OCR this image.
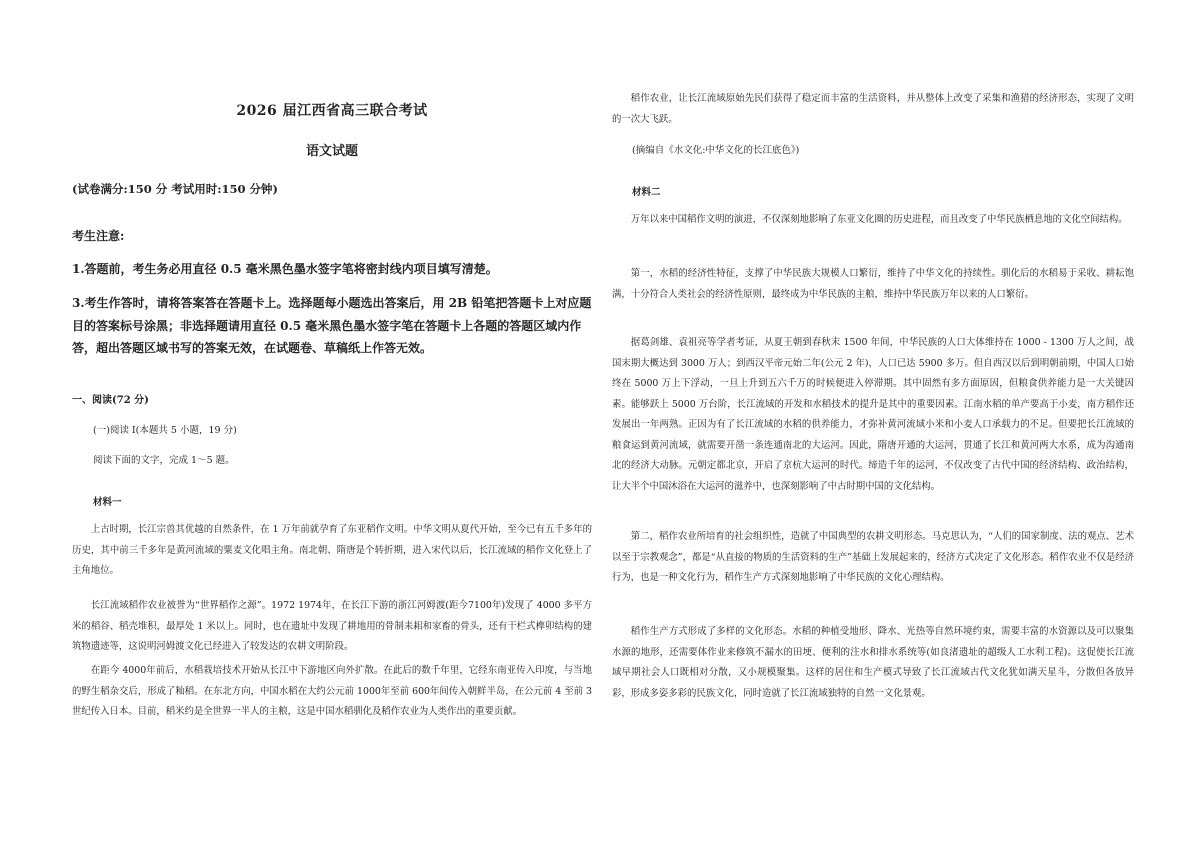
2026 届江西省高三联合考试
语文试题
(试卷满分:150 分 考试用时:150 分钟)
考生注意:
1.答题前，考生务必用直径 0.5 毫米黑色墨水签字笔将密封线内项目填写清楚。
3.考生作答时，请将答案答在答题卡上。选择题每小题选出答案后，用 2B 铅笔把答题卡上对应题目的答案标号涂黑；非选择题请用直径 0.5 毫米黑色墨水签字笔在答题卡上各题的答题区域内作答，超出答题区域书写的答案无效，在试题卷、草稿纸上作答无效。
一、阅读(72 分)
(一)阅读 I(本题共 5 小题，19 分)
阅读下面的文字，完成 1～5 题。
材料一

上古时期，长江宗兽其优越的自然条件，在 1 万年前就孕育了东亚稻作文明。中华文明从夏代开始，至今已有五千多年的历史，其中前三千多年是黄河流域的粟麦文化唱主角。南北朝、隋唐是个转折期，进入宋代以后，长江流域的稻作文化登上了主角地位。

长江流域稻作农业被誉为“世界稻作之源”。1972 1974年，在长江下游的浙江河姆渡(距今7100年)发现了 4000 多平方米的稻谷、稻壳堆积，最厚处 1 米以上。同时，也在遗址中发现了耕地用的骨制耒耜和家畜的骨头，还有干栏式榫卯结构的建筑物遗迹等，这说明河姆渡文化已经进入了较发达的农耕文明阶段。

在距今 4000年前后，水稻栽培技术开始从长江中下游地区向外扩散。在此后的数千年里，它经东南亚传入印度，与当地的野生稻杂交后，形成了籼稻。在东北方向，中国水稻在大约公元前 1000年至前 600年间传入朝鲜半岛，在公元前 4 至前 3 世纪传入日本。目前，稻米约是全世界一半人的主粮，这是中国水稻驯化及稻作农业为人类作出的重要贡献。

稻作农业，让长江流域原始先民们获得了稳定而丰富的生活资料，并从整体上改变了采集和渔猎的经济形态，实现了文明的一次大飞跃。

(摘编自《水文化:中华文化的长江底色》)
材料二

万年以来中国稻作文明的演进，不仅深刻地影响了东亚文化圈的历史进程，而且改变了中华民族栖息地的文化空间结构。

第一，水稻的经济性特征，支撑了中华民族大规模人口繁衍，维持了中华文化的持续性。驯化后的水稻易于采收、耕耘饱满，十分符合人类社会的经济性原则，最终成为中华民族的主粮，维持中华民族万年以来的人口繁衍。

据葛剑雄、袁祖亮等学者考证，从夏王朝到春秋末 1500 年间，中华民族的人口大体维持在 1000 - 1300 万人之间，战国末期大概达到 3000 万人；到西汉平帝元始二年(公元 2 年)，人口已达 5900 多万。但自西汉以后到明朝前期，中国人口始终在 5000 万上下浮动，一旦上升到五六千万的时候便进入停滞期。其中固然有多方面原因，但粮食供养能力是一大关键因素。能够跃上 5000 万台阶，长江流域的开发和水稻技术的提升是其中的重要因素。江南水稻的单产要高于小麦，南方稻作还发展出一年两熟。正因为有了长江流域的水稻的供养能力，才弥补黄河流域小米和小麦人口承载力的不足。但要把长江流域的粮食运到黄河流域，就需要开凿一条连通南北的大运河。因此，隋唐开通的大运河，贯通了长江和黄河两大水系，成为沟通南北的经济大动脉。元朝定都北京，开启了京杭大运河的时代。缔造千年的运河，不仅改变了古代中国的经济结构、政治结构，让大半个中国沐浴在大运河的滋养中，也深刻影响了中古时期中国的文化结构。

第二，稻作农业所培育的社会组织性，造就了中国典型的农耕文明形态。马克思认为，“人们的国家制度、法的观点、艺术以至于宗教观念”，都是“从直接的物质的生活资料的生产”基础上发展起来的，经济方式决定了文化形态。稻作农业不仅是经济行为，也是一种文化行为，稻作生产方式深刻地影响了中华民族的文化心理结构。

稻作生产方式形成了多样的文化形态。水稻的种植受地形、降水、光热等自然环境约束，需要丰富的水资源以及可以聚集水源的地形，还需要体作业来修筑不漏水的田埂、便利的注水和排水系统等(如良渚遗址的超级人工水利工程)。这促使长江流域早期社会人口既相对分散，又小规模聚集。这样的居住和生产模式导致了长江流域古代文化犹如满天星斗，分散但各放异彩，形成多姿多彩的民族文化，同时造就了长江流域独特的自然一文化景观。
